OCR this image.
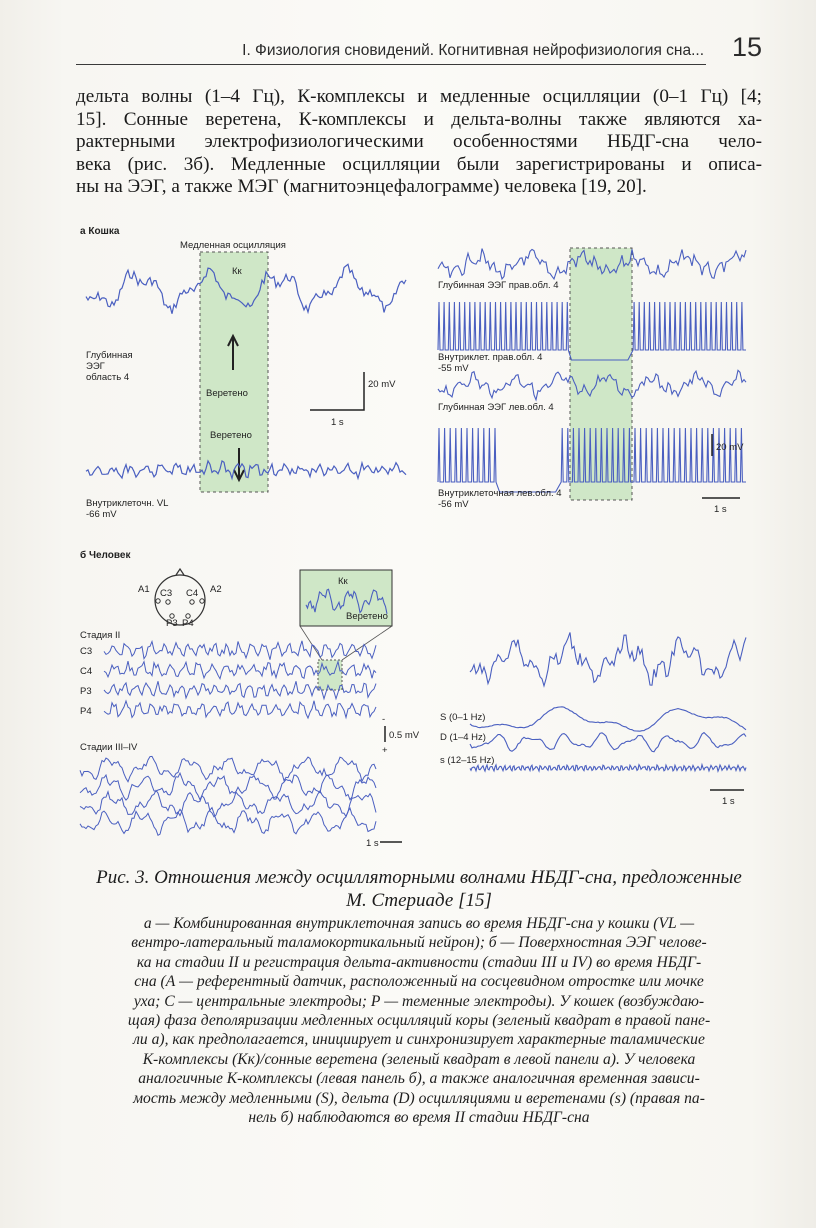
I. Физиология сновидений. Когнитивная нейрофизиология сна... 15
дельта волны (1–4 Гц), К-комплексы и медленные осцилляции (0–1 Гц) [4;
15]. Сонные веретена, К-комплексы и дельта-волны также являются ха-
рактерными электрофизиологическими особенностями НБДГ-сна чело-
века (рис. 3б). Медленные осцилляции были зарегистрированы и описа-
ны на ЭЭГ, а также МЭГ (магнитоэнцефалограмме) человека [19, 20].
а Кошка
Медленная осцилляция
Кк
Глубинная
ЭЭГ
область 4
Веретено
Веретено
20 mV
1 s
Внутриклеточн. VL
-66 mV
Глубинная ЭЭГ прав.обл. 4
Внутриклет. прав.обл. 4
-55 mV
Глубинная ЭЭГ лев.обл. 4
20 mV
Внутриклеточная лев.обл. 4
-56 mV	1 s
б Человек
A1 C3 C4 A2
P3 P4
Кк
Веретено
Стадия II
C3
C4
P3
P4
-
0.5 mV
+
Стадии III–IV
1 s
S (0–1 Hz)
D (1–4 Hz)
s (12–15 Hz)
1 s
Рис. 3. Отношения между осцилляторными волнами НБДГ-сна, предложенные
М. Стериаде [15]
а — Комбинированная внутриклеточная запись во время НБДГ-сна у кошки (VL —
вентро-латеральный таламокортикальный нейрон); б — Поверхностная ЭЭГ челове-
ка на стадии II и регистрация дельта-активности (стадии III и IV) во время НБДГ-
сна (А — референтный датчик, расположенный на сосцевидном отростке или мочке
уха; С — центральные электроды; Р — теменные электроды). У кошек (возбуждаю-
щая) фаза деполяризации медленных осцилляций коры (зеленый квадрат в правой пане-
ли а), как предполагается, инициирует и синхронизирует характерные таламические
К-комплексы (Кк)/сонные веретена (зеленый квадрат в левой панели а). У человека
аналогичные К-комплексы (левая панель б), а также аналогичная временная зависи-
мость между медленными (S), дельта (D) осцилляциями и веретенами (s) (правая па-
нель б) наблюдаются во время II стадии НБДГ-сна
